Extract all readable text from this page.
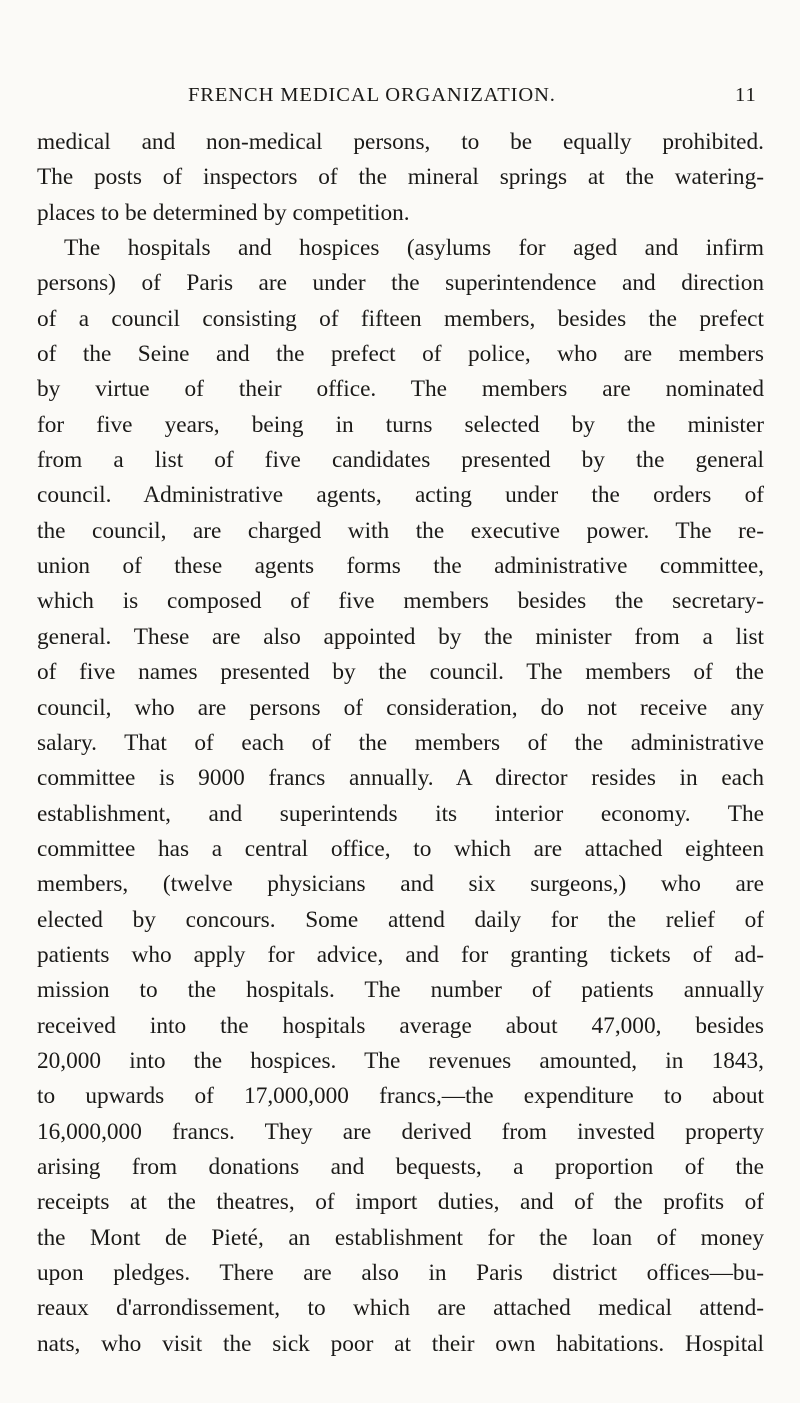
FRENCH MEDICAL ORGANIZATION.	11
medical and non-medical persons, to be equally prohibited.
The posts of inspectors of the mineral springs at the watering-
places to be determined by competition.
The hospitals and hospices (asylums for aged and infirm
persons) of Paris are under the superintendence and direction
of a council consisting of fifteen members, besides the prefect
of the Seine and the prefect of police, who are members
by virtue of their office. The members are nominated
for five years, being in turns selected by the minister
from a list of five candidates presented by the general
council. Administrative agents, acting under the orders of
the council, are charged with the executive power. The re-
union of these agents forms the administrative committee,
which is composed of five members besides the secretary-
general. These are also appointed by the minister from a list
of five names presented by the council. The members of the
council, who are persons of consideration, do not receive any
salary. That of each of the members of the administrative
committee is 9000 francs annually. A director resides in each
establishment, and superintends its interior economy. The
committee has a central office, to which are attached eighteen
members, (twelve physicians and six surgeons,) who are
elected by concours. Some attend daily for the relief of
patients who apply for advice, and for granting tickets of ad-
mission to the hospitals. The number of patients annually
received into the hospitals average about 47,000, besides
20,000 into the hospices. The revenues amounted, in 1843,
to upwards of 17,000,000 francs,—the expenditure to about
16,000,000 francs. They are derived from invested property
arising from donations and bequests, a proportion of the
receipts at the theatres, of import duties, and of the profits of
the Mont de Pieté, an establishment for the loan of money
upon pledges. There are also in Paris district offices—bu-
reaux d'arrondissement, to which are attached medical attend-
nats, who visit the sick poor at their own habitations. Hospital
